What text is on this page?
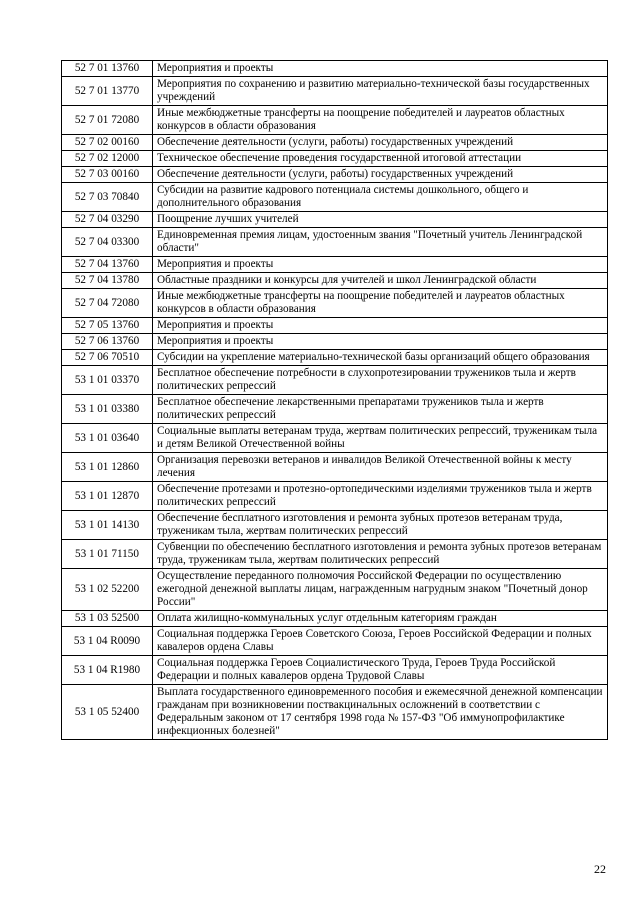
52 7 01 13760	Мероприятия и проекты
52 7 01 13770	Мероприятия по сохранению и развитию материально-технической базы государственных учреждений
52 7 01 72080	Иные межбюджетные трансферты на поощрение победителей и лауреатов областных конкурсов в области образования
52 7 02 00160	Обеспечение деятельности (услуги, работы) государственных учреждений
52 7 02 12000	Техническое обеспечение проведения государственной итоговой аттестации
52 7 03 00160	Обеспечение деятельности (услуги, работы) государственных учреждений
52 7 03 70840	Субсидии на развитие кадрового потенциала системы дошкольного, общего и дополнительного образования
52 7 04 03290	Поощрение лучших учителей
52 7 04 03300	Единовременная премия лицам, удостоенным звания "Почетный учитель Ленинградской области"
52 7 04 13760	Мероприятия и проекты
52 7 04 13780	Областные праздники и конкурсы для учителей и школ Ленинградской области
52 7 04 72080	Иные межбюджетные трансферты на поощрение победителей и лауреатов областных конкурсов в области образования
52 7 05 13760	Мероприятия и проекты
52 7 06 13760	Мероприятия и проекты
52 7 06 70510	Субсидии на укрепление материально-технической базы организаций общего образования
53 1 01 03370	Бесплатное обеспечение потребности в слухопротезировании тружеников тыла и жертв политических репрессий
53 1 01 03380	Бесплатное обеспечение лекарственными препаратами тружеников тыла и жертв политических репрессий
53 1 01 03640	Социальные выплаты ветеранам труда, жертвам политических репрессий, труженикам тыла и детям Великой Отечественной войны
53 1 01 12860	Организация перевозки ветеранов и инвалидов Великой Отечественной войны к месту лечения
53 1 01 12870	Обеспечение протезами и протезно-ортопедическими изделиями тружеников тыла и жертв политических репрессий
53 1 01 14130	Обеспечение бесплатного изготовления и ремонта зубных протезов ветеранам труда, труженикам тыла, жертвам политических репрессий
53 1 01 71150	Субвенции по обеспечению бесплатного изготовления и ремонта зубных протезов ветеранам труда, труженикам тыла, жертвам политических репрессий
53 1 02 52200	Осуществление переданного полномочия Российской Федерации по осуществлению ежегодной денежной выплаты лицам, награжденным нагрудным знаком "Почетный донор России"
53 1 03 52500	Оплата жилищно-коммунальных услуг отдельным категориям граждан
53 1 04 R0090	Социальная поддержка Героев Советского Союза, Героев Российской Федерации и полных кавалеров ордена Славы
53 1 04 R1980	Социальная поддержка Героев Социалистического Труда, Героев Труда Российской Федерации и полных кавалеров ордена Трудовой Славы
53 1 05 52400	Выплата государственного единовременного пособия и ежемесячной денежной компенсации гражданам при возникновении поствакцинальных осложнений в соответствии с Федеральным законом от 17 сентября 1998 года № 157-ФЗ "Об иммунопрофилактике инфекционных болезней"
22
